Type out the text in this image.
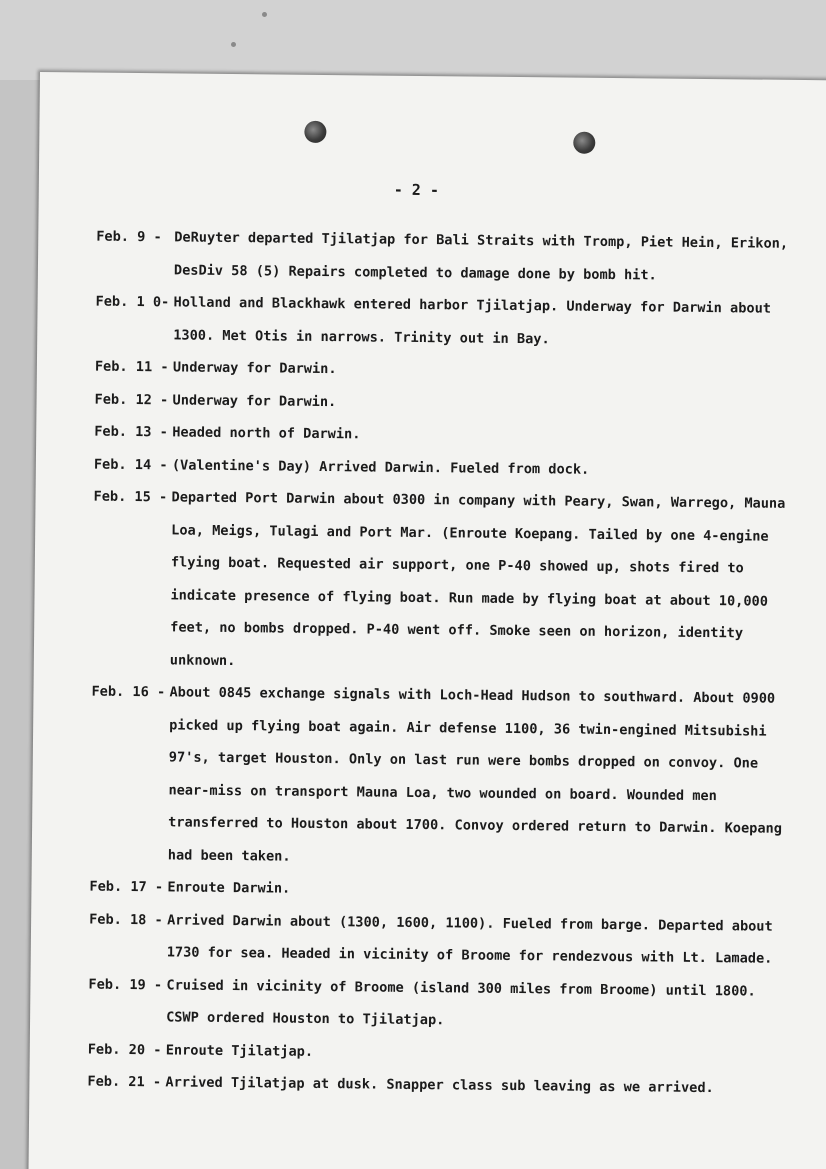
- 2 -
Feb. 9 - DeRuyter departed Tjilatjap for Bali Straits with Tromp, Piet Hein, Erikon, DesDiv 58 (5) Repairs completed to damage done by bomb hit.
Feb. 1 0- Holland and Blackhawk entered harbor Tjilatjap. Underway for Darwin about 1300. Met Otis in narrows. Trinity out in Bay.
Feb. 11 - Underway for Darwin.
Feb. 12 - Underway for Darwin.
Feb. 13 - Headed north of Darwin.
Feb. 14 - (Valentine's Day) Arrived Darwin. Fueled from dock.
Feb. 15 - Departed Port Darwin about 0300 in company with Peary, Swan, Warrego, Mauna Loa, Meigs, Tulagi and Port Mar. (Enroute Koepang. Tailed by one 4-engine flying boat. Requested air support, one P-40 showed up, shots fired to indicate presence of flying boat. Run made by flying boat at about 10,000 feet, no bombs dropped. P-40 went off. Smoke seen on horizon, identity unknown.
Feb. 16 - About 0845 exchange signals with Loch-Head Hudson to southward. About 0900 picked up flying boat again. Air defense 1100, 36 twin-engined Mitsubishi 97's, target Houston. Only on last run were bombs dropped on convoy. One near-miss on transport Mauna Loa, two wounded on board. Wounded men transferred to Houston about 1700. Convoy ordered return to Darwin. Koepang had been taken.
Feb. 17 - Enroute Darwin.
Feb. 18 - Arrived Darwin about (1300, 1600, 1100). Fueled from barge. Departed about 1730 for sea. Headed in vicinity of Broome for rendezvous with Lt. Lamade.
Feb. 19 - Cruised in vicinity of Broome (island 300 miles from Broome) until 1800. CSWP ordered Houston to Tjilatjap.
Feb. 20 - Enroute Tjilatjap.
Feb. 21 - Arrived Tjilatjap at dusk. Snapper class sub leaving as we arrived.
